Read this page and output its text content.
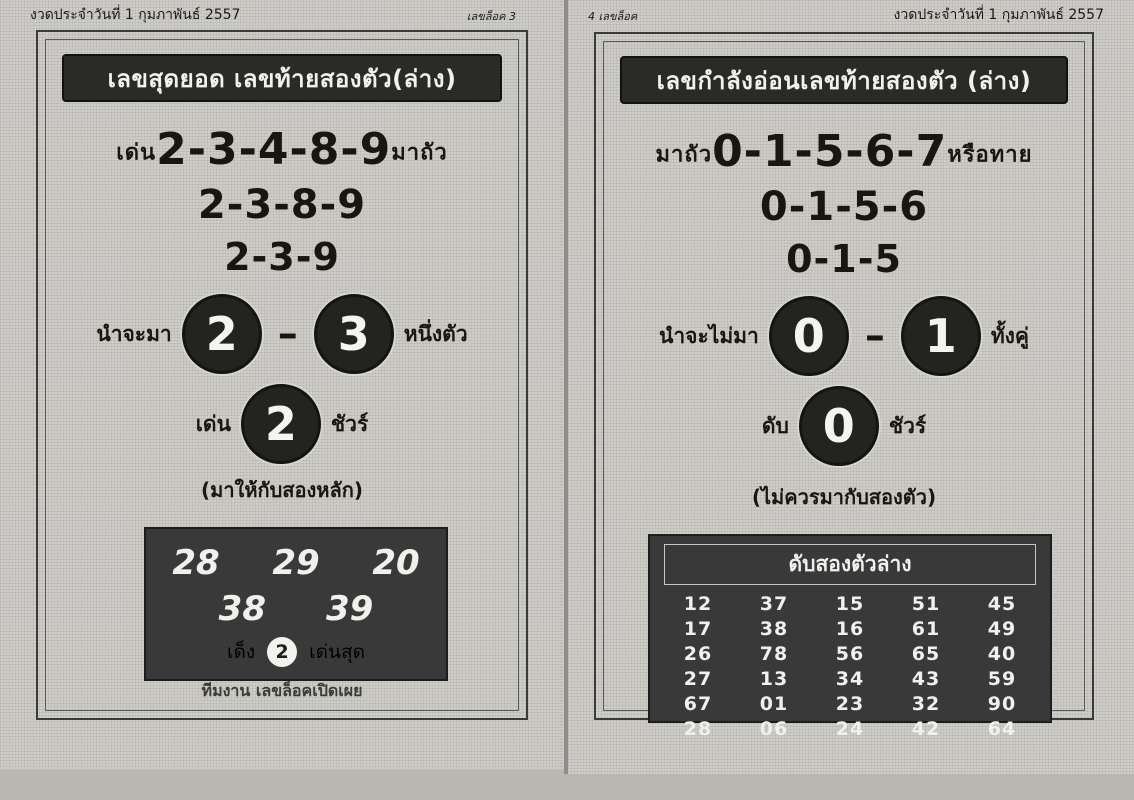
งวดประจำวันที่ 1 กุมภาพันธ์ 2557	เลขล็อค 3
เลขสุดยอด เลขท้ายสองตัว(ล่าง)
เด่น2-3-4-8-9มาถัว
2-3-8-9
2-3-9
นำจะมา 2	– 3	หนึ่งตัว
เด่น 2	ชัวร์
(มาให้กับสองหลัก)
28 29 20
38 39
เด็ง	2	เด่นสุด
ทีมงาน เลขล็อคเปิดเผย
4 เลขล็อค	งวดประจำวันที่ 1 กุมภาพันธ์ 2557
เลขกำลังอ่อนเลขท้ายสองตัว (ล่าง)
มาถัว0-1-5-6-7หรือทาย
0-1-5-6
0-1-5
นำจะไม่มา 0	– 1	ทั้งคู่
ดับ 0	ชัวร์
(ไม่ควรมากับสองตัว)
ดับสองตัวล่าง
12	37	15	51	45
17	38	16	61	49
26	78	56	65	40
27	13	34	43	59
67	01	23	32	90
28	06	24	42	64
